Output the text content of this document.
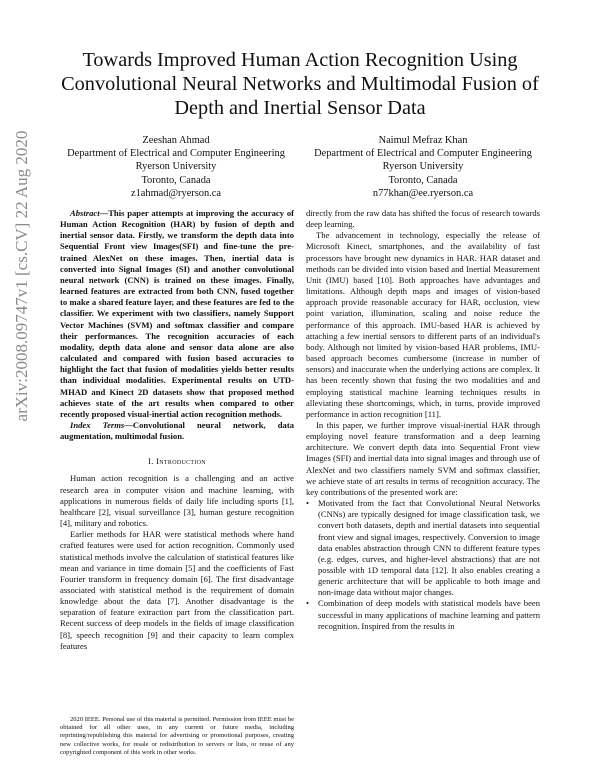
arXiv:2008.09747v1 [cs.CV] 22 Aug 2020
Towards Improved Human Action Recognition Using Convolutional Neural Networks and Multimodal Fusion of Depth and Inertial Sensor Data
Zeeshan Ahmad
Department of Electrical and Computer Engineering
Ryerson University
Toronto, Canada
z1ahmad@ryerson.ca
Naimul Mefraz Khan
Department of Electrical and Computer Engineering
Ryerson University
Toronto, Canada
n77khan@ee.ryerson.ca

Abstract—This paper attempts at improving the accuracy of Human Action Recognition (HAR) by fusion of depth and inertial sensor data. Firstly, we transform the depth data into Sequential Front view Images(SFI) and fine-tune the pre-trained AlexNet on these images. Then, inertial data is converted into Signal Images (SI) and another convolutional neural network (CNN) is trained on these images. Finally, learned features are extracted from both CNN, fused together to make a shared feature layer, and these features are fed to the classifier. We experiment with two classifiers, namely Support Vector Machines (SVM) and softmax classifier and compare their performances. The recognition accuracies of each modality, depth data alone and sensor data alone are also calculated and compared with fusion based accuracies to highlight the fact that fusion of modalities yields better results than individual modalities. Experimental results on UTD-MHAD and Kinect 2D datasets show that proposed method achieves state of the art results when compared to other recently proposed visual-inertial action recognition methods.

Index Terms—Convolutional neural network, data augmentation, multimodal fusion.

I. Introduction

Human action recognition is a challenging and an active research area in computer vision and machine learning, with applications in numerous fields of daily life including sports [1], healthcare [2], visual surveillance [3], human gesture recognition [4], military and robotics.

Earlier methods for HAR were statistical methods where hand crafted features were used for action recognition. Commonly used statistical methods involve the calculation of statistical features like mean and variance in time domain [5] and the coefficients of Fast Fourier transform in frequency domain [6]. The first disadvantage associated with statistical method is the requirement of domain knowledge about the data [7]. Another disadvantage is the separation of feature extraction part from the classification part. Recent success of deep models in the fields of image classification [8], speech recognition [9] and their capacity to learn complex features

2020 IEEE. Personal use of this material is permitted. Permission from IEEE must be obtained for all other uses, in any current or future media, including reprinting/republishing this material for advertising or promotional purposes, creating new collective works, for resale or redistribution to servers or lists, or reuse of any copyrighted component of this work in other works.

directly from the raw data has shifted the focus of research towards deep learning.

The advancement in technology, especially the release of Microsoft Kinect, smartphones, and the availability of fast processors have brought new dynamics in HAR. HAR dataset and methods can be divided into vision based and Inertial Measurement Unit (IMU) based [10]. Both approaches have advantages and limitations. Although depth maps and images of vision-based approach provide reasonable accuracy for HAR, occlusion, view point variation, illumination, scaling and noise reduce the performance of this approach. IMU-based HAR is achieved by attaching a few inertial sensors to different parts of an individual's body. Although not limited by vision-based HAR problems, IMU-based approach becomes cumbersome (increase in number of sensors) and inaccurate when the underlying actions are complex. It has been recently shown that fusing the two modalities and and employing statistical machine learning techniques results in alleviating these shortcomings, which, in turns, provide improved performance in action recognition [11].

In this paper, we further improve visual-inertial HAR through employing novel feature transformation and a deep learning architecture. We convert depth data into Sequential Front view Images (SFI) and inertial data into signal images and through use of AlexNet and two classifiers namely SVM and softmax classifier, we achieve state of art results in terms of recognition accuracy. The key contributions of the presented work are:

• Motivated from the fact that Convolutional Neural Networks (CNNs) are typically designed for image classification task, we convert both datasets, depth and inertial datasets into sequential front view and signal images, respectively. Conversion to image data enables abstraction through CNN to different feature types (e.g. edges, curves, and higher-level abstractions) that are not possible with 1D temporal data [12]. It also enables creating a generic architecture that will be applicable to both image and non-image data without major changes.
• Combination of deep models with statistical models have been successful in many applications of machine learning and pattern recognition. Inspired from the results in
